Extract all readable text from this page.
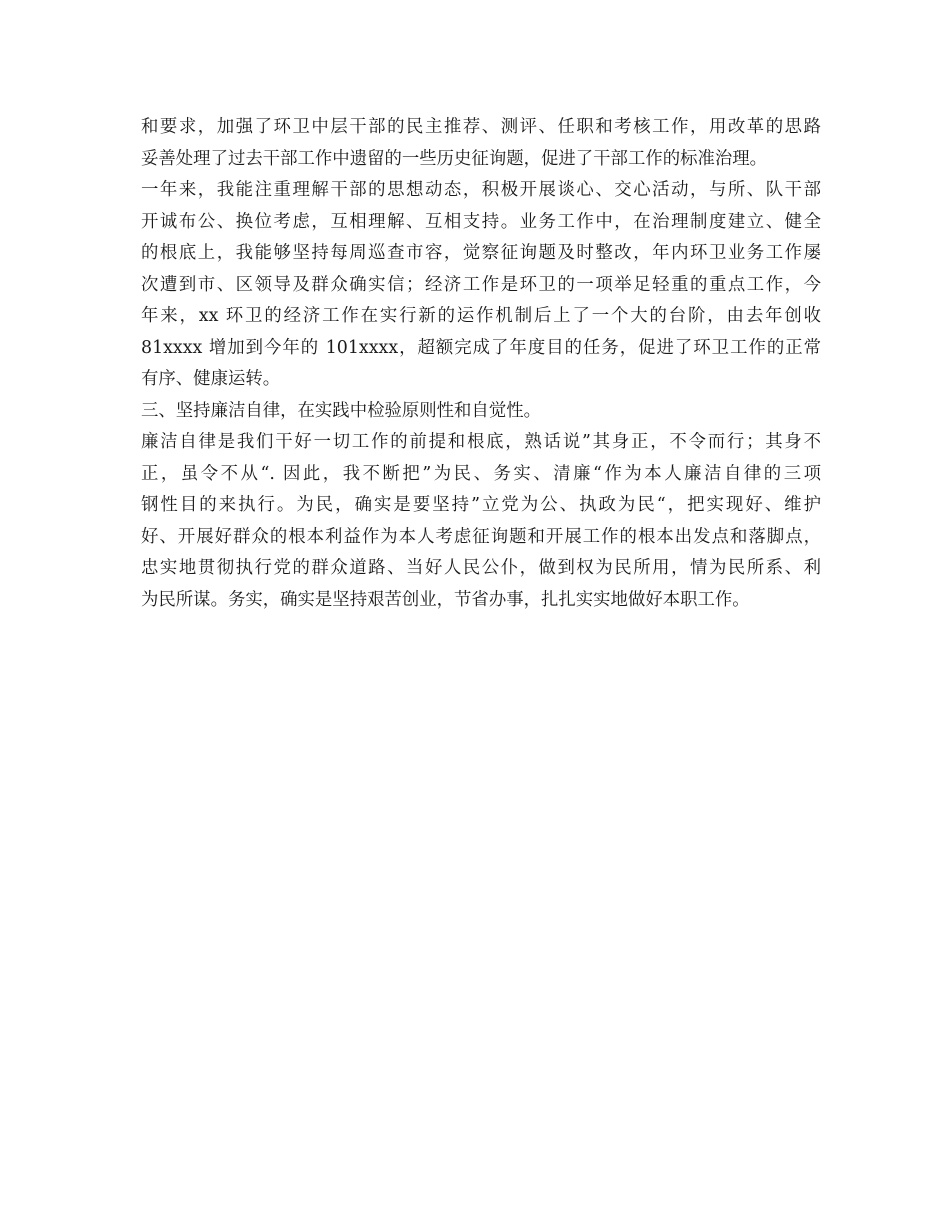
和要求，加强了环卫中层干部的民主推荐、测评、任职和考核工作，用改革的思路
妥善处理了过去干部工作中遗留的一些历史征询题，促进了干部工作的标准治理。
一年来，我能注重理解干部的思想动态，积极开展谈心、交心活动，与所、队干部
开诚布公、换位考虑，互相理解、互相支持。业务工作中，在治理制度建立、健全
的根底上，我能够坚持每周巡查市容，觉察征询题及时整改，年内环卫业务工作屡
次遭到市、区领导及群众确实信；经济工作是环卫的一项举足轻重的重点工作，今
年来，xx 环卫的经济工作在实行新的运作机制后上了一个大的台阶，由去年创收
81xxxx 增加到今年的 101xxxx，超额完成了年度目的任务，促进了环卫工作的正常
有序、健康运转。
三、坚持廉洁自律，在实践中检验原则性和自觉性。
廉洁自律是我们干好一切工作的前提和根底，熟话说”其身正，不令而行；其身不
正，虽令不从“. 因此，我不断把”为民、务实、清廉“作为本人廉洁自律的三项
钢性目的来执行。为民，确实是要坚持”立党为公、执政为民“，把实现好、维护
好、开展好群众的根本利益作为本人考虑征询题和开展工作的根本出发点和落脚点，
忠实地贯彻执行党的群众道路、当好人民公仆，做到权为民所用，情为民所系、利
为民所谋。务实，确实是坚持艰苦创业，节省办事，扎扎实实地做好本职工作。
